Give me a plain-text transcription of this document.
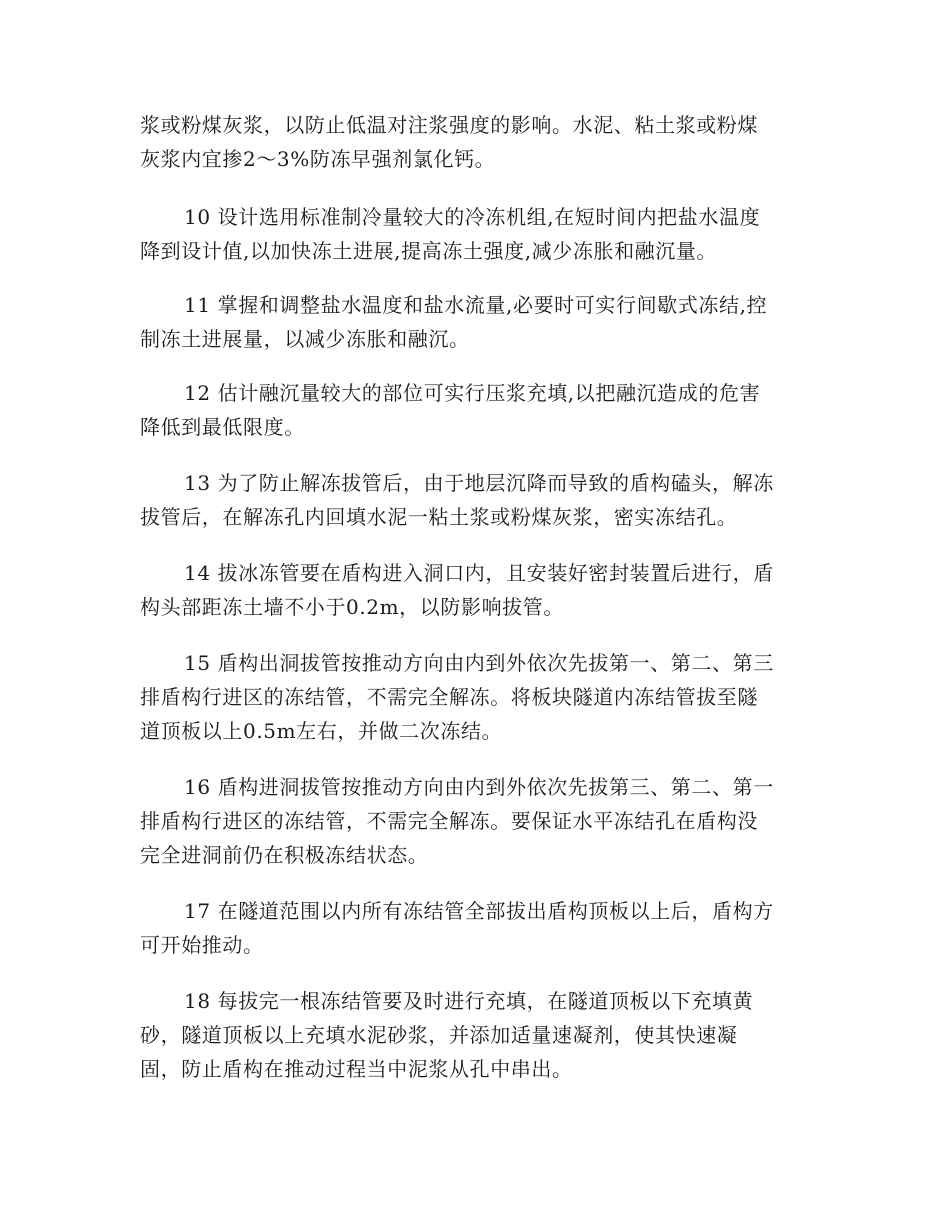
浆或粉煤灰浆，以防止低温对注浆强度的影响。水泥、粘土浆或粉煤
灰浆内宜掺2～3%防冻早强剂氯化钙。
10 设计选用标准制冷量较大的冷冻机组,在短时间内把盐水温度
降到设计值,以加快冻土进展,提高冻土强度,减少冻胀和融沉量。
11 掌握和调整盐水温度和盐水流量,必要时可实行间歇式冻结,控
制冻土进展量，以减少冻胀和融沉。
12 估计融沉量较大的部位可实行压浆充填,以把融沉造成的危害
降低到最低限度。
13 为了防止解冻拔管后，由于地层沉降而导致的盾构磕头，解冻
拔管后，在解冻孔内回填水泥一粘土浆或粉煤灰浆，密实冻结孔。
14 拔冰冻管要在盾构进入洞口内，且安装好密封装置后进行，盾
构头部距冻土墙不小于0.2m，以防影响拔管。
15 盾构出洞拔管按推动方向由内到外依次先拔第一、第二、第三
排盾构行进区的冻结管，不需完全解冻。将板块隧道内冻结管拔至隧
道顶板以上0.5m左右，并做二次冻结。
16 盾构进洞拔管按推动方向由内到外依次先拔第三、第二、第一
排盾构行进区的冻结管，不需完全解冻。要保证水平冻结孔在盾构没
完全进洞前仍在积极冻结状态。
17 在隧道范围以内所有冻结管全部拔出盾构顶板以上后，盾构方
可开始推动。
18 每拔完一根冻结管要及时进行充填，在隧道顶板以下充填黄
砂，隧道顶板以上充填水泥砂浆，并添加适量速凝剂，使其快速凝
固，防止盾构在推动过程当中泥浆从孔中串出。
